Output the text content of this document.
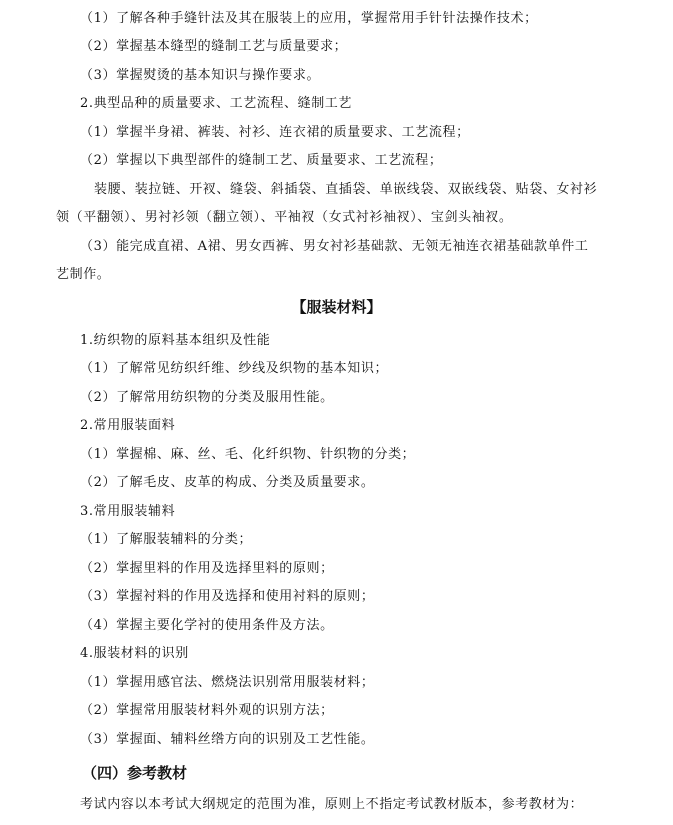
（1）了解各种手缝针法及其在服装上的应用，掌握常用手针针法操作技术；
（2）掌握基本缝型的缝制工艺与质量要求；
（3）掌握熨烫的基本知识与操作要求。
2.典型品种的质量要求、工艺流程、缝制工艺
（1）掌握半身裙、裤装、衬衫、连衣裙的质量要求、工艺流程；
（2）掌握以下典型部件的缝制工艺、质量要求、工艺流程；
装腰、装拉链、开衩、缝袋、斜插袋、直插袋、单嵌线袋、双嵌线袋、贴袋、女衬衫
领（平翻领）、男衬衫领（翻立领）、平袖衩（女式衬衫袖衩）、宝剑头袖衩。
（3）能完成直裙、A裙、男女西裤、男女衬衫基础款、无领无袖连衣裙基础款单件工
艺制作。
【服装材料】
1.纺织物的原料基本组织及性能
（1）了解常见纺织纤维、纱线及织物的基本知识；
（2）了解常用纺织物的分类及服用性能。
2.常用服装面料
（1）掌握棉、麻、丝、毛、化纤织物、针织物的分类；
（2）了解毛皮、皮革的构成、分类及质量要求。
3.常用服装辅料
（1）了解服装辅料的分类；
（2）掌握里料的作用及选择里料的原则；
（3）掌握衬料的作用及选择和使用衬料的原则；
（4）掌握主要化学衬的使用条件及方法。
4.服装材料的识别
（1）掌握用感官法、燃烧法识别常用服装材料；
（2）掌握常用服装材料外观的识别方法；
（3）掌握面、辅料丝绺方向的识别及工艺性能。
（四）参考教材
考试内容以本考试大纲规定的范围为准，原则上不指定考试教材版本，参考教材为：
